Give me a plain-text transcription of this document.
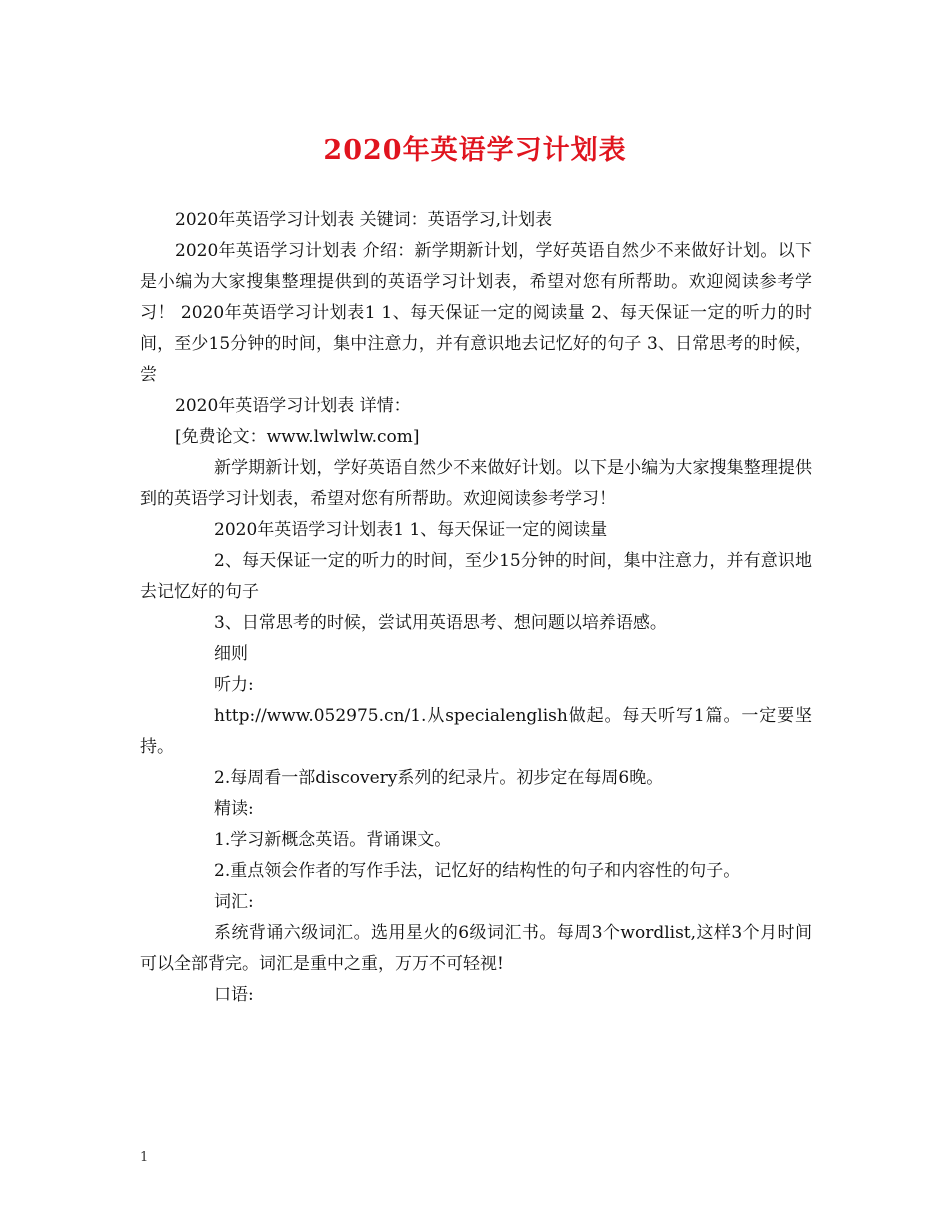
2020年英语学习计划表

2020年英语学习计划表 关键词：英语学习,计划表

2020年英语学习计划表 介绍：新学期新计划，学好英语自然少不来做好计划。以下是小编为大家搜集整理提供到的英语学习计划表，希望对您有所帮助。欢迎阅读参考学习！ 2020年英语学习计划表1 1、每天保证一定的阅读量 2、每天保证一定的听力的时间，至少15分钟的时间，集中注意力，并有意识地去记忆好的句子 3、日常思考的时候，尝

2020年英语学习计划表 详情：

[免费论文：www.lwlwlw.com]

新学期新计划，学好英语自然少不来做好计划。以下是小编为大家搜集整理提供到的英语学习计划表，希望对您有所帮助。欢迎阅读参考学习！

2020年英语学习计划表1 1、每天保证一定的阅读量

2、每天保证一定的听力的时间，至少15分钟的时间，集中注意力，并有意识地去记忆好的句子

3、日常思考的时候，尝试用英语思考、想问题以培养语感。

细则

听力:

http://www.052975.cn/1.从specialenglish做起。每天听写1篇。一定要坚持。

2.每周看一部discovery系列的纪录片。初步定在每周6晚。

精读:

1.学习新概念英语。背诵课文。

2.重点领会作者的写作手法，记忆好的结构性的句子和内容性的句子。

词汇:

系统背诵六级词汇。选用星火的6级词汇书。每周3个wordlist,这样3个月时间可以全部背完。词汇是重中之重，万万不可轻视!

口语:

1
